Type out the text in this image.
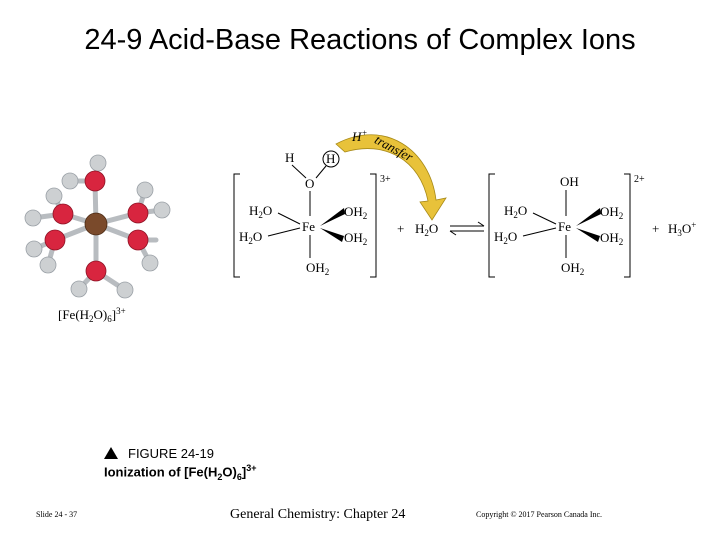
24-9 Acid-Base Reactions of Complex Ions
$[Fe(H_2O)_6]^{3+}$
H H
O
Fe
$H_2O$
$H_2O$
$OH_2$
$OH_2$
$OH_2$
3+
H+ transfer
+ $H_2O$
OH
Fe
$H_2O$
$H_2O$
$OH_2$
$OH_2$
$OH_2$
2+
+ $H_3O^+$
FIGURE 24-19
Ionization of $[Fe(H_2O)_6]^{3+}$
Slide 24 - 37	General Chemistry: Chapter 24	Copyright © 2017 Pearson Canada Inc.
